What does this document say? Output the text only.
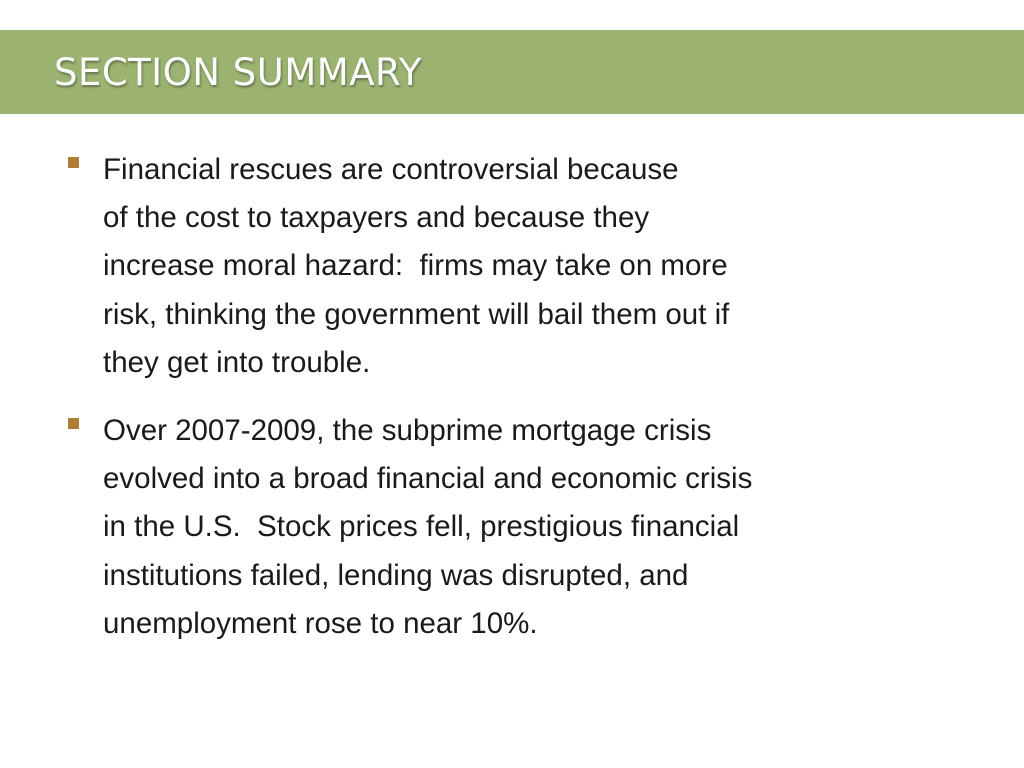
SECTION SUMMARY
Financial rescues are controversial because
of the cost to taxpayers and because they
increase moral hazard:  firms may take on more
risk, thinking the government will bail them out if
they get into trouble.
Over 2007-2009, the subprime mortgage crisis
evolved into a broad financial and economic crisis
in the U.S.  Stock prices fell, prestigious financial
institutions failed, lending was disrupted, and
unemployment rose to near 10%.
